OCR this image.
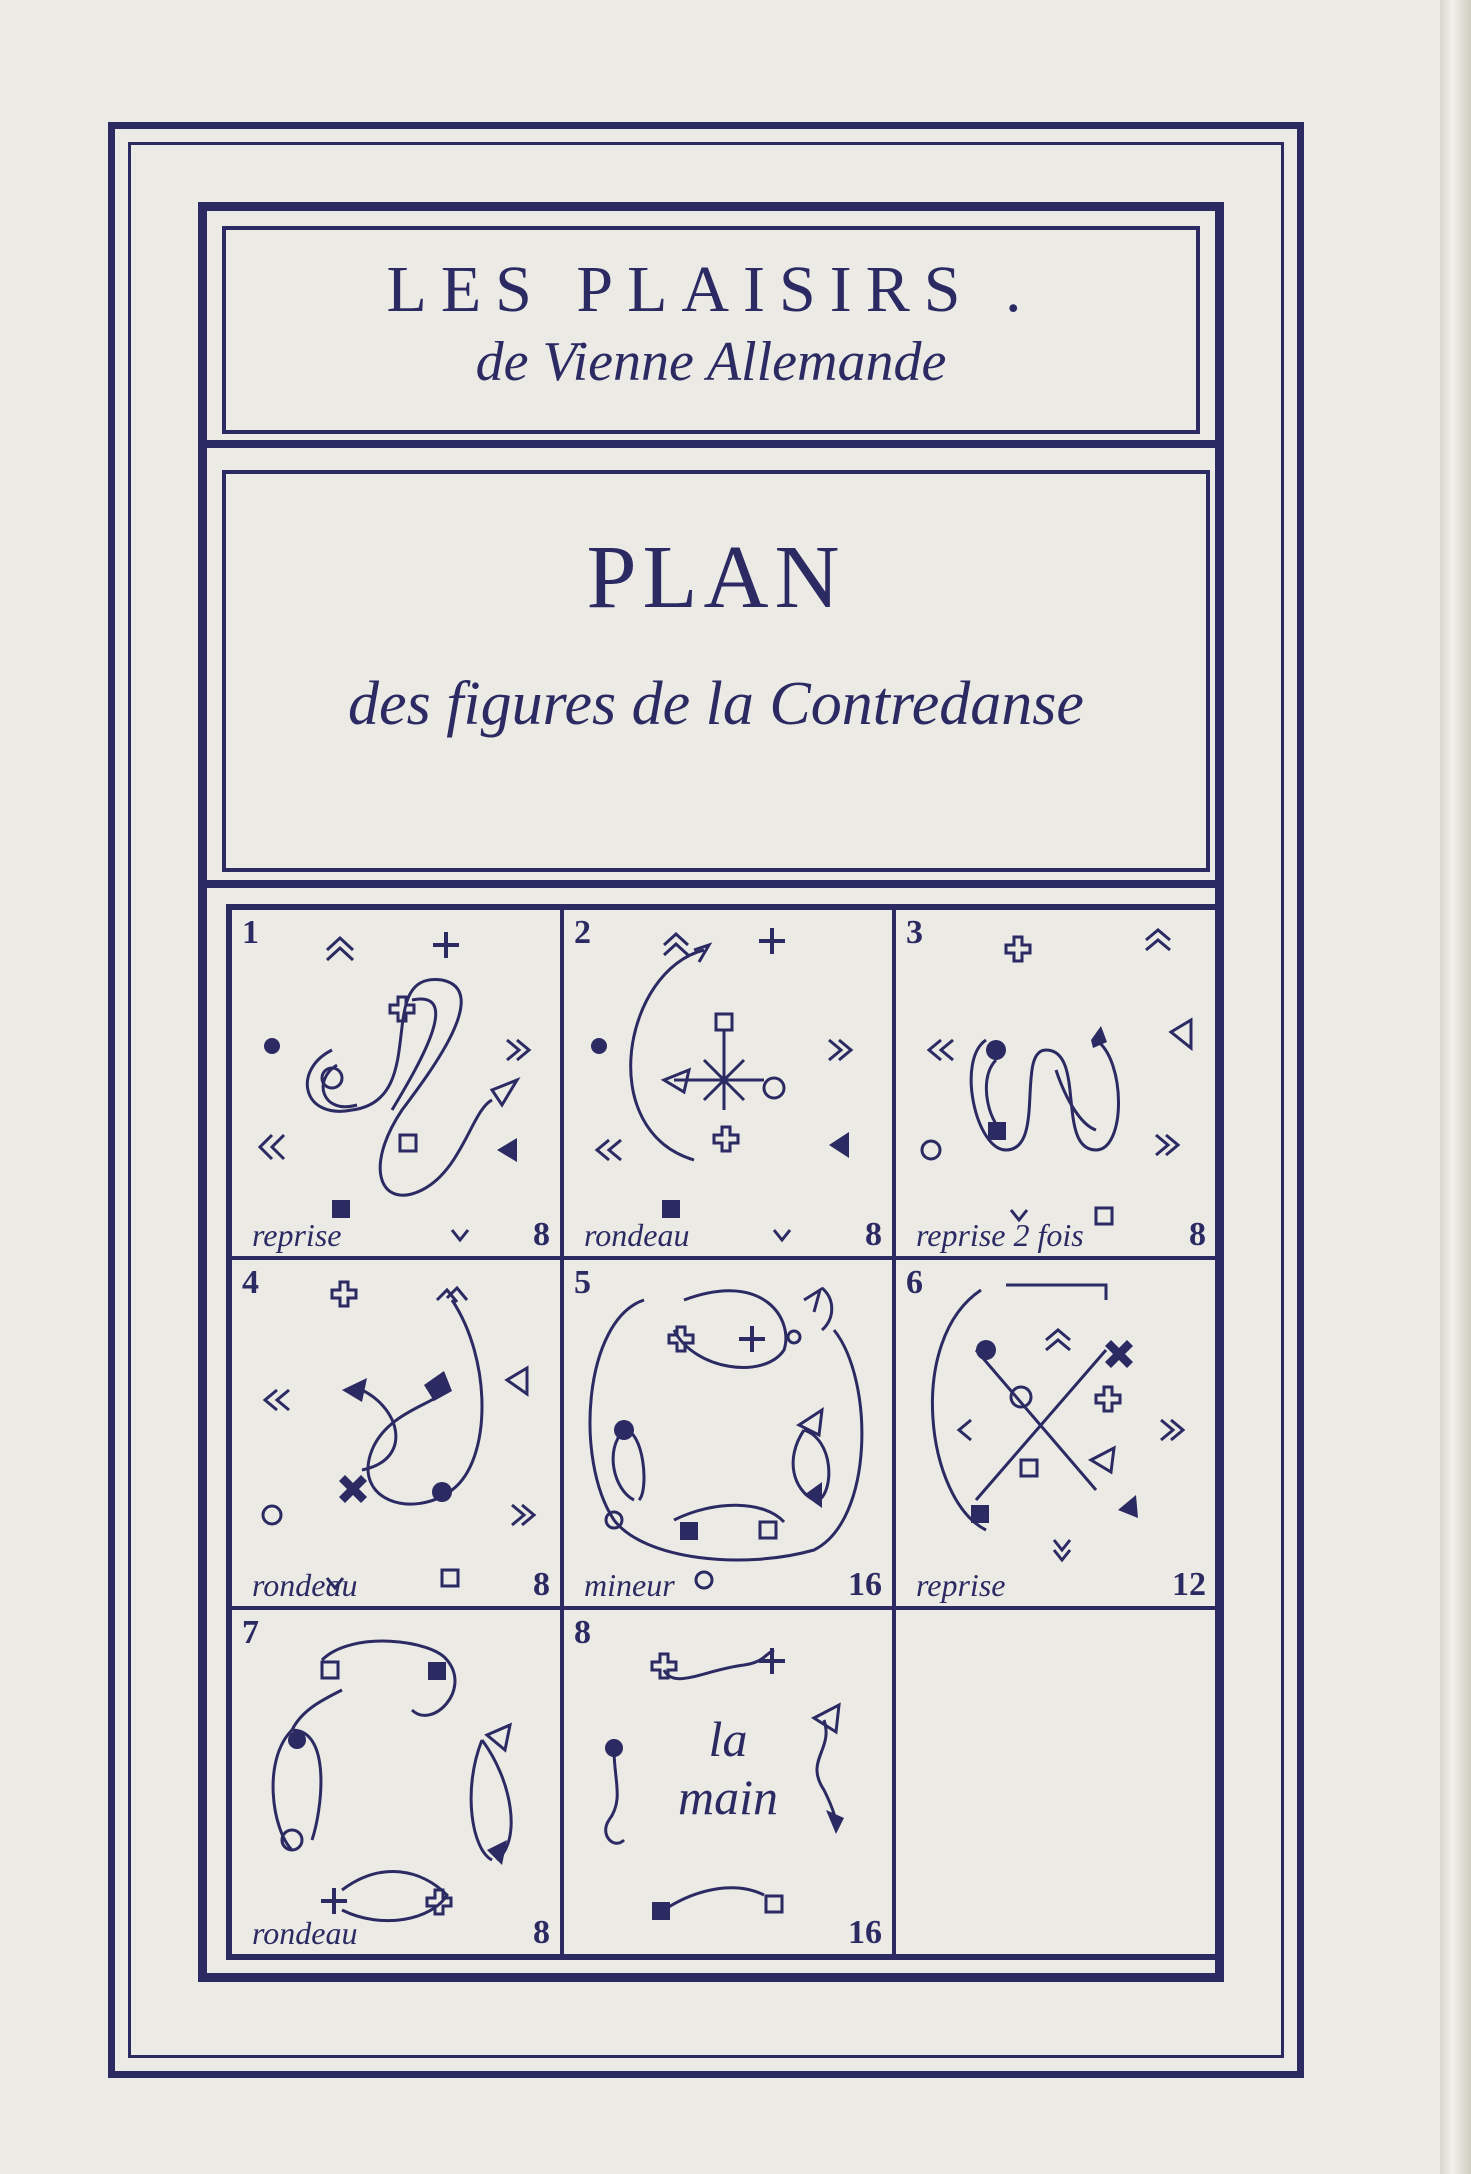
LES PLAISIRS .
de Vienne Allemande
PLAN
des figures de la Contredanse
1
reprise	8
2
rondeau	8
3
reprise 2 fois	8
4
rondeau	8
5
mineur	16
6
reprise	12
7
rondeau	8
la
main
8
16
